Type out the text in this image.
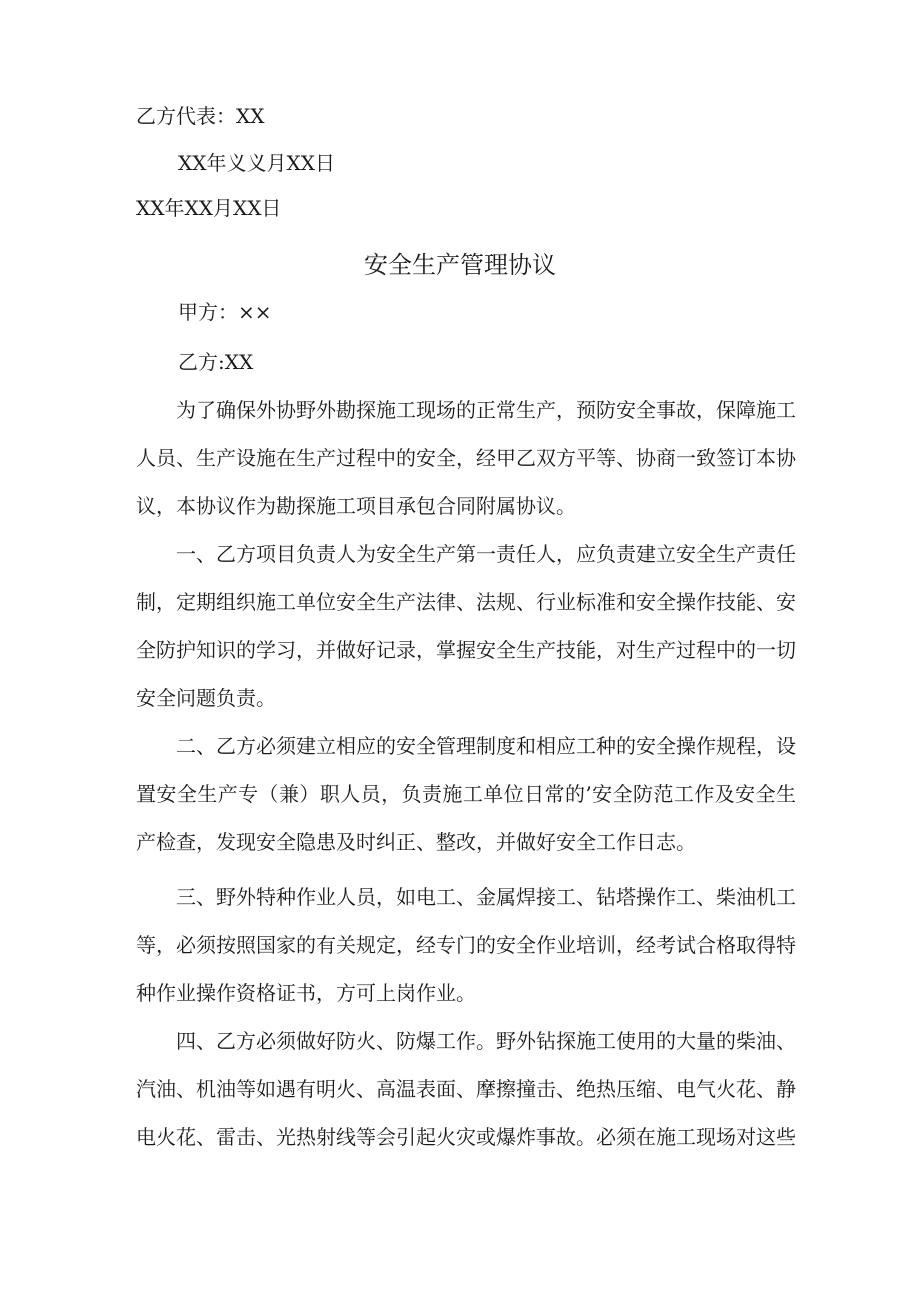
乙方代表：XX
XX年义义月XX日
XX年XX月XX日
安全生产管理协议
甲方：××
乙方:XX
为了确保外协野外勘探施工现场的正常生产，预防安全事故，保障施工人员、生产设施在生产过程中的安全，经甲乙双方平等、协商一致签订本协议，本协议作为勘探施工项目承包合同附属协议。
一、乙方项目负责人为安全生产第一责任人，应负责建立安全生产责任制，定期组织施工单位安全生产法律、法规、行业标准和安全操作技能、安全防护知识的学习，并做好记录，掌握安全生产技能，对生产过程中的一切安全问题负责。
二、乙方必须建立相应的安全管理制度和相应工种的安全操作规程，设置安全生产专（兼）职人员，负责施工单位日常的’安全防范工作及安全生产检查，发现安全隐患及时纠正、整改，并做好安全工作日志。
三、野外特种作业人员，如电工、金属焊接工、钻塔操作工、柴油机工等，必须按照国家的有关规定，经专门的安全作业培训，经考试合格取得特种作业操作资格证书，方可上岗作业。
四、乙方必须做好防火、防爆工作。野外钻探施工使用的大量的柴油、汽油、机油等如遇有明火、高温表面、摩擦撞击、绝热压缩、电气火花、静电火花、雷击、光热射线等会引起火灾或爆炸事故。必须在施工现场对这些
